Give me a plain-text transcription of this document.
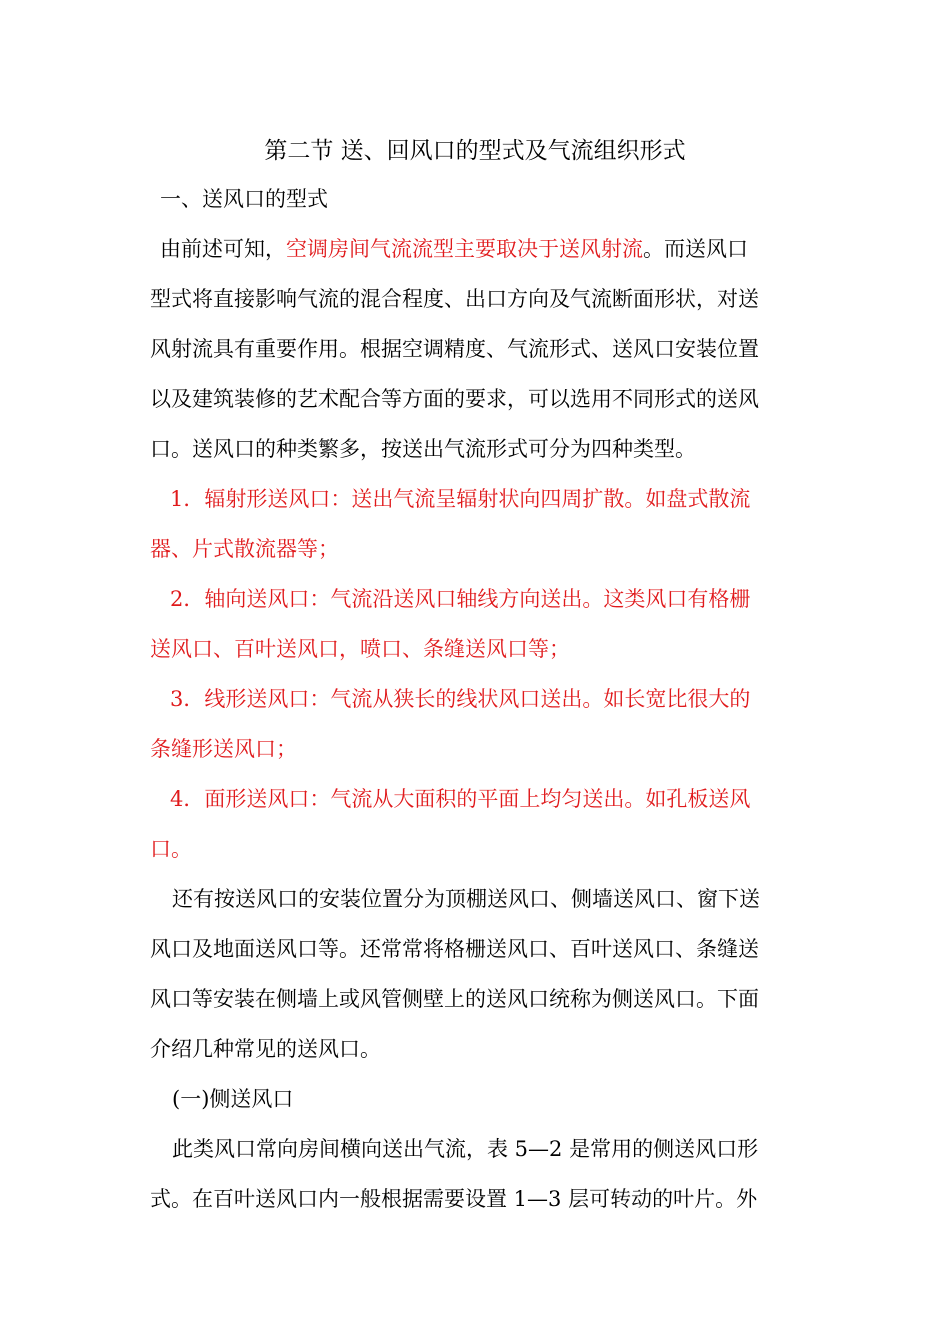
第二节 送、回风口的型式及气流组织形式
一、送风口的型式
由前述可知，空调房间气流流型主要取决于送风射流。而送风口
型式将直接影响气流的混合程度、出口方向及气流断面形状，对送
风射流具有重要作用。根据空调精度、气流形式、送风口安装位置
以及建筑装修的艺术配合等方面的要求，可以选用不同形式的送风
口。送风口的种类繁多，按送出气流形式可分为四种类型。
1．辐射形送风口：送出气流呈辐射状向四周扩散。如盘式散流
器、片式散流器等；
2．轴向送风口：气流沿送风口轴线方向送出。这类风口有格栅
送风口、百叶送风口，喷口、条缝送风口等；
3．线形送风口：气流从狭长的线状风口送出。如长宽比很大的
条缝形送风口；
4．面形送风口：气流从大面积的平面上均匀送出。如孔板送风
口。
还有按送风口的安装位置分为顶棚送风口、侧墙送风口、窗下送
风口及地面送风口等。还常常将格栅送风口、百叶送风口、条缝送
风口等安装在侧墙上或风管侧壁上的送风口统称为侧送风口。下面
介绍几种常见的送风口。
(一)侧送风口
此类风口常向房间横向送出气流，表 5—2 是常用的侧送风口形
式。在百叶送风口内一般根据需要设置 1—3 层可转动的叶片。外
